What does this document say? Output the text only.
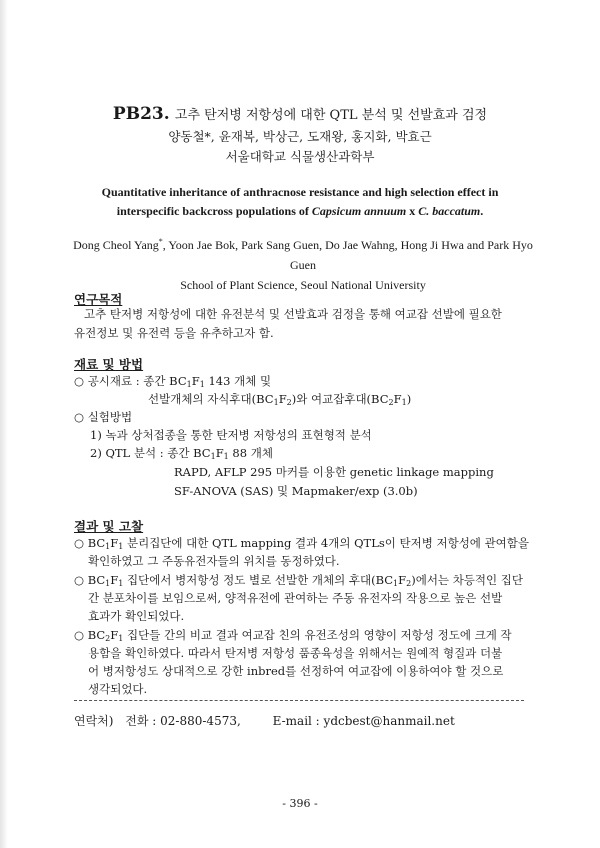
PB23. 고추 탄저병 저항성에 대한 QTL 분석 및 선발효과 검정
양동철*, 윤재복, 박상근, 도재왕, 홍지화, 박효근
서울대학교 식물생산과학부
Quantitative inheritance of anthracnose resistance and high selection effect in
interspecific backcross populations of Capsicum annuum x C. baccatum.
Dong Cheol Yang*, Yoon Jae Bok, Park Sang Guen, Do Jae Wahng, Hong Ji Hwa and Park Hyo Guen
School of Plant Science, Seoul National University
연구목적
고추 탄저병 저항성에 대한 유전분석 및 선발효과 검정을 통해 여교잡 선발에 필요한
유전정보 및 유전력 등을 유추하고자 함.
재료 및 방법
○ 공시재료 : 종간 $BC_1F_1$ 143 개체 및
선발개체의 자식후대$(BC_1F_2)$와 여교잡후대$(BC_2F_1)$
○ 실험방법
1) 녹과 상처접종을 통한 탄저병 저항성의 표현형적 분석
2) QTL 분석 : 종간 $BC_1F_1$ 88 개체
RAPD, AFLP 295 마커를 이용한 genetic linkage mapping
SF-ANOVA (SAS) 및 Mapmaker/exp (3.0b)
결과 및 고찰
○ $BC_1F_1$ 분리집단에 대한 QTL mapping 결과 4개의 QTLs이 탄저병 저항성에 관여함을
확인하였고 그 주동유전자들의 위치를 동정하였다.
○ $BC_1F_1$ 집단에서 병저항성 정도 별로 선발한 개체의 후대$(BC_1F_2)$에서는 차등적인 집단
간 분포차이를 보임으로써, 양적유전에 관여하는 주동 유전자의 작용으로 높은 선발
효과가 확인되었다.
○ $BC_2F_1$ 집단들 간의 비교 결과 여교잡 친의 유전조성의 영향이 저항성 정도에 크게 작
용함을 확인하였다. 따라서 탄저병 저항성 품종육성을 위해서는 원예적 형질과 더불
어 병저항성도 상대적으로 강한 inbred를 선정하여 여교잡에 이용하여야 할 것으로
생각되었다.
연락처) 전화 : 02-880-4573,	E-mail : ydcbest@hanmail.net
- 396 -
